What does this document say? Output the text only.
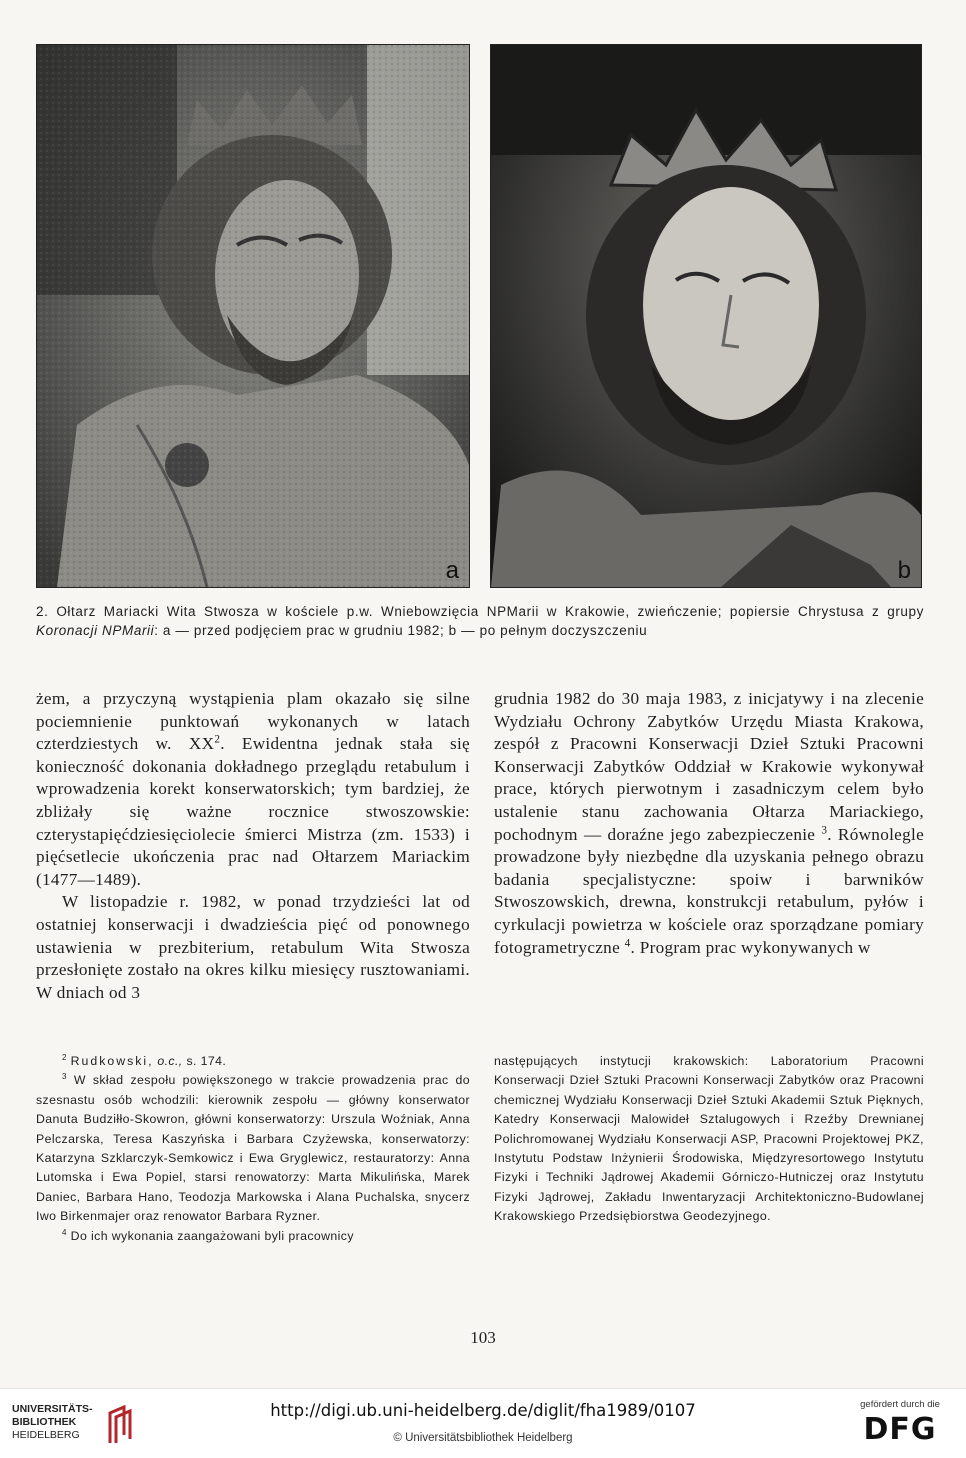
a	b
2. Ołtarz Mariacki Wita Stwosza w kościele p.w. Wniebowzięcia NPMarii w Krakowie, zwieńczenie; popiersie Chrystusa z grupy Koronacji NPMarii: a — przed podjęciem prac w grudniu 1982; b — po pełnym doczyszczeniu

żem, a przyczyną wystąpienia plam okazało się silne pociemnienie punktowań wykonanych w latach czterdziestych w. $XX^2$. Ewidentna jednak stała się konieczność dokonania dokładnego przeglądu retabulum i wprowadzenia korekt konserwatorskich; tym bardziej, że zbliżały się ważne rocznice stwoszowskie: czterystapięćdziesięciolecie śmierci Mistrza (zm. 1533) i pięćsetlecie ukończenia prac nad Ołtarzem Mariackim (1477—1489).

W listopadzie r. 1982, w ponad trzydzieści lat od ostatniej konserwacji i dwadzieścia pięć od ponownego ustawienia w prezbiterium, retabulum Wita Stwosza przesłonięte zostało na okres kilku miesięcy rusztowaniami. W dniach od 3

grudnia 1982 do 30 maja 1983, z inicjatywy i na zlecenie Wydziału Ochrony Zabytków Urzędu Miasta Krakowa, zespół z Pracowni Konserwacji Dzieł Sztuki Pracowni Konserwacji Zabytków Oddział w Krakowie wykonywał prace, których pierwotnym i zasadniczym celem było ustalenie stanu zachowania Ołtarza Mariackiego, pochodnym — doraźne jego zabezpieczenie $^3$. Równolegle prowadzone były niezbędne dla uzyskania pełnego obrazu badania specjalistyczne: spoiw i barwników Stwoszowskich, drewna, konstrukcji retabulum, pyłów i cyrkulacji powietrza w kościele oraz sporządzane pomiary fotogrametryczne $^4$. Program prac wykonywanych w

$^2$ Rudkowski, o.c., s. 174.

$^3$ W skład zespołu powiększonego w trakcie prowadzenia prac do szesnastu osób wchodzili: kierownik zespołu — główny konserwator Danuta Budziłło-Skowron, główni konserwatorzy: Urszula Woźniak, Anna Pelczarska, Teresa Kaszyńska i Barbara Czyżewska, konserwatorzy: Katarzyna Szklarczyk-Semkowicz i Ewa Gryglewicz, restauratorzy: Anna Lutomska i Ewa Popiel, starsi renowatorzy: Marta Mikulińska, Marek Daniec, Barbara Hano, Teodozja Markowska i Alana Puchalska, snycerz Iwo Birkenmajer oraz renowator Barbara Ryzner.

$^4$ Do ich wykonania zaangażowani byli pracownicy

następujących instytucji krakowskich: Laboratorium Pracowni Konserwacji Dzieł Sztuki Pracowni Konserwacji Zabytków oraz Pracowni chemicznej Wydziału Konserwacji Dzieł Sztuki Akademii Sztuk Pięknych, Katedry Konserwacji Malowideł Sztalugowych i Rzeźby Drewnianej Polichromowanej Wydziału Konserwacji ASP, Pracowni Projektowej PKZ, Instytutu Podstaw Inżynierii Środowiska, Międzyresortowego Instytutu Fizyki i Techniki Jądrowej Akademii Górniczo-Hutniczej oraz Instytutu Fizyki Jądrowej, Zakładu Inwentaryzacji Architektoniczno-Budowlanej Krakowskiego Przedsiębiorstwa Geodezyjnego.

103
UNIVERSITÄTS-
BIBLIOTHEK
HEIDELBERG
http://digi.ub.uni-heidelberg.de/diglit/fha1989/0107
© Universitätsbibliothek Heidelberg
gefördert durch die
DFG
